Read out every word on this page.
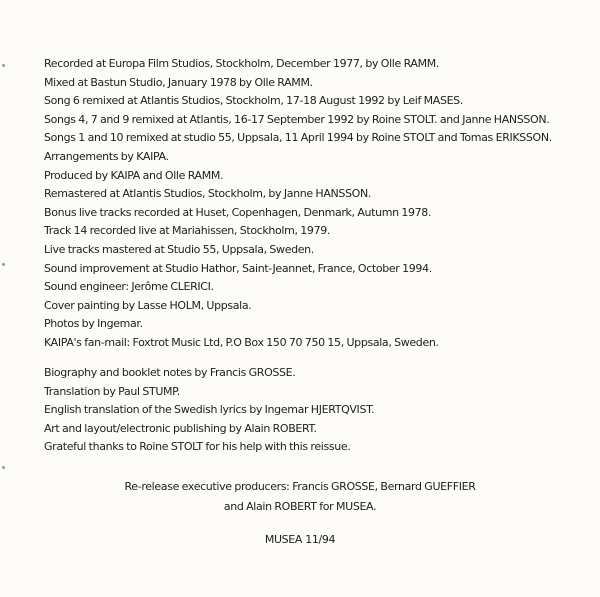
Recorded at Europa Film Studios, Stockholm, December 1977, by Olle RAMM.
Mixed at Bastun Studio, January 1978 by Olle RAMM.
Song 6 remixed at Atlantis Studios, Stockholm, 17-18 August 1992 by Leif MASES.
Songs 4, 7 and 9 remixed at Atlantis, 16-17 September 1992 by Roine STOLT. and Janne HANSSON.
Songs 1 and 10 remixed at studio 55, Uppsala, 11 April 1994 by Roine STOLT and Tomas ERIKSSON.
Arrangements by KAIPA.
Produced by KAIPA and Olle RAMM.
Remastered at Atlantis Studios, Stockholm, by Janne HANSSON.
Bonus live tracks recorded at Huset, Copenhagen, Denmark, Autumn 1978.
Track 14 recorded live at Mariahissen, Stockholm, 1979.
Live tracks mastered at Studio 55, Uppsala, Sweden.
Sound improvement at Studio Hathor, Saint-Jeannet, France, October 1994.
Sound engineer: Jerôme CLERICI.
Cover painting by Lasse HOLM, Uppsala.
Photos by Ingemar.
KAIPA's fan-mail: Foxtrot Music Ltd, P.O Box 150 70 750 15, Uppsala, Sweden.
Biography and booklet notes by Francis GROSSE.
Translation by Paul STUMP.
English translation of the Swedish lyrics by Ingemar HJERTQVIST.
Art and layout/electronic publishing by Alain ROBERT.
Grateful thanks to Roine STOLT for his help with this reissue.
Re-release executive producers: Francis GROSSE, Bernard GUEFFIER
and Alain ROBERT for MUSEA.
MUSEA 11/94
